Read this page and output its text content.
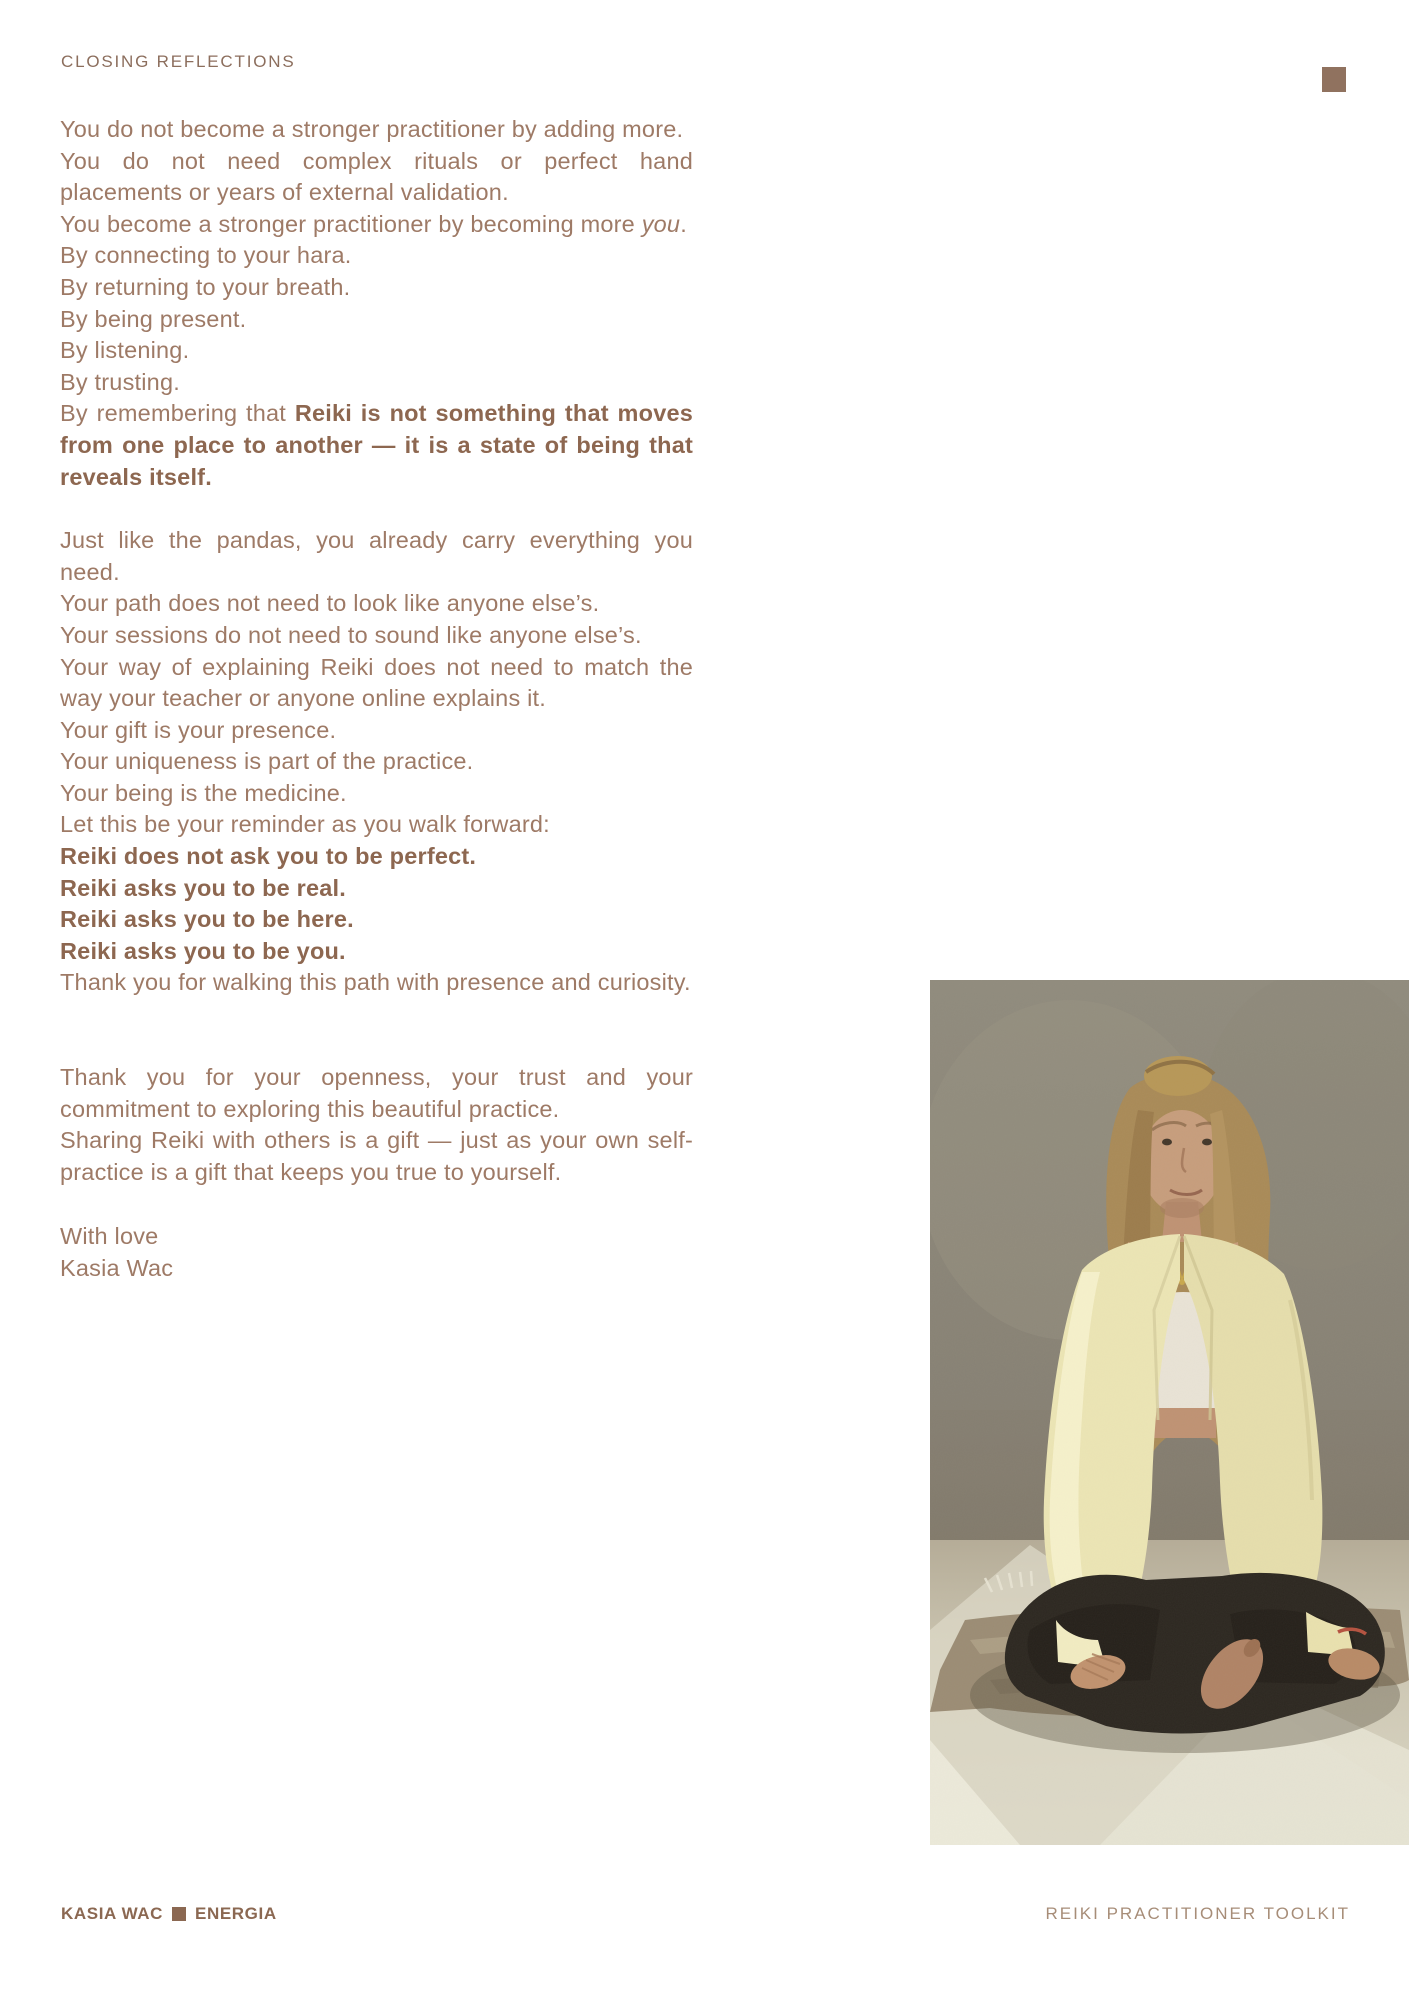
CLOSING REFLECTIONS
You do not become a stronger practitioner by adding more.
You do not need complex rituals or perfect hand placements or years of external validation.
You become a stronger practitioner by becoming more you.
By connecting to your hara.
By returning to your breath.
By being present.
By listening.
By trusting.
By remembering that Reiki is not something that moves from one place to another — it is a state of being that reveals itself.
Just like the pandas, you already carry everything you need.
Your path does not need to look like anyone else’s.
Your sessions do not need to sound like anyone else’s.
Your way of explaining Reiki does not need to match the way your teacher or anyone online explains it.
Your gift is your presence.
Your uniqueness is part of the practice.
Your being is the medicine.
Let this be your reminder as you walk forward:
Reiki does not ask you to be perfect.
Reiki asks you to be real.
Reiki asks you to be here.
Reiki asks you to be you.
Thank you for walking this path with presence and curiosity.
Thank you for your openness, your trust and your commitment to exploring this beautiful practice.
Sharing Reiki with others is a gift — just as your own self-practice is a gift that keeps you true to yourself.
With love
Kasia Wac
KASIA WAC ENERGIA	REIKI PRACTITIONER TOOLKIT
